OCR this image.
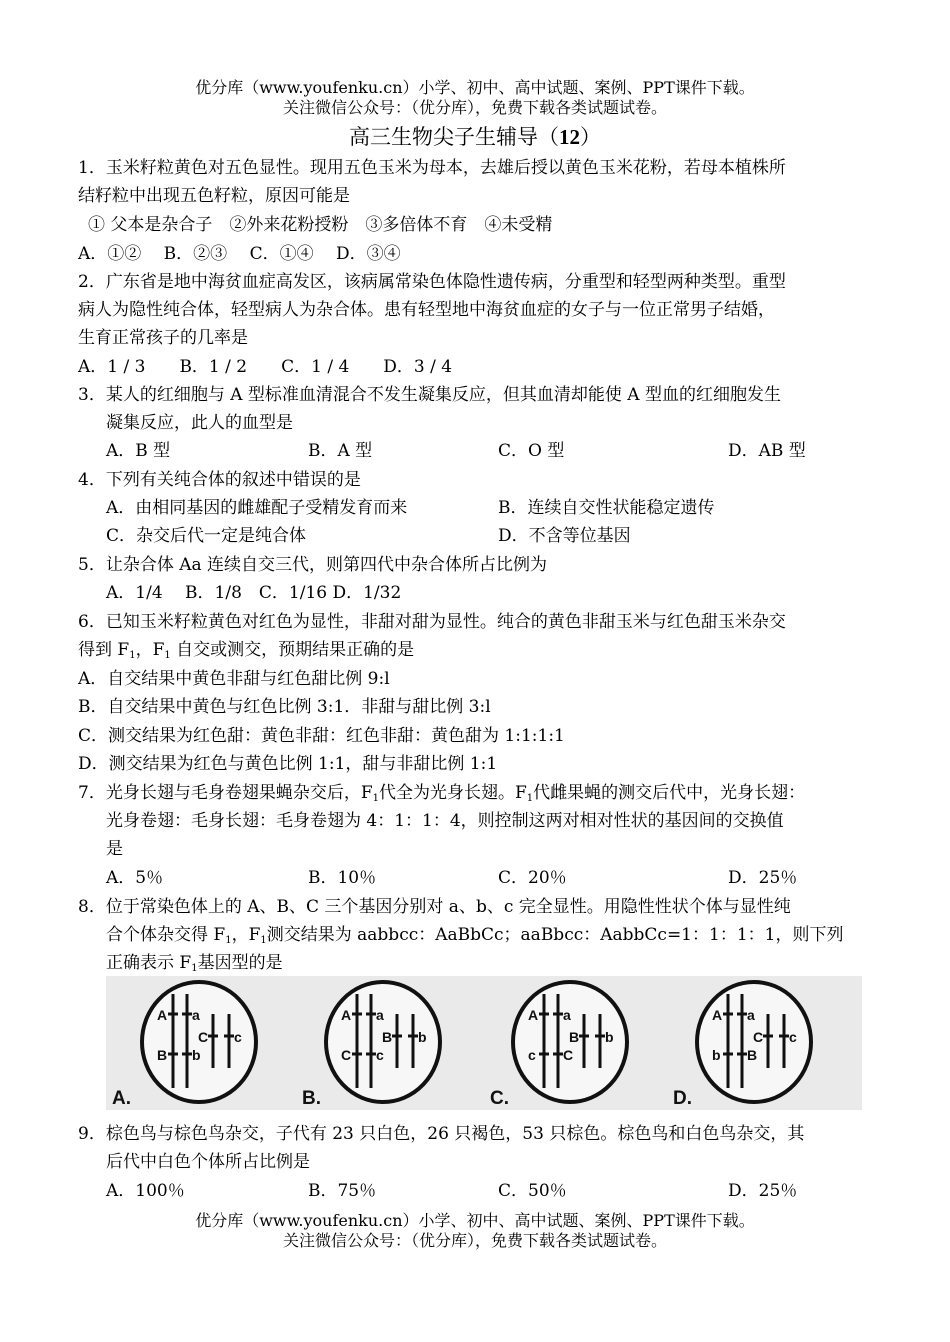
优分库（www.youfenku.cn）小学、初中、高中试题、案例、PPT课件下载。
关注微信公众号：（优分库），免费下载各类试题试卷。
高三生物尖子生辅导（12）
1．玉米籽粒黄色对五色显性。现用五色玉米为母本，去雄后授以黄色玉米花粉，若母本植株所
结籽粒中出现五色籽粒，原因可能是
① 父本是杂合子　②外来花粉授粉　③多倍体不育　④未受精
A．①②　 B．②③　 C．①④　 D．③④
2．广东省是地中海贫血症高发区，该病属常染色体隐性遗传病，分重型和轻型两种类型。重型
病人为隐性纯合体，轻型病人为杂合体。患有轻型地中海贫血症的女子与一位正常男子结婚，
生育正常孩子的几率是
A．1 / 3　　B．1 / 2　　C．1 / 4　　D．3 / 4
3．某人的红细胞与 A 型标准血清混合不发生凝集反应，但其血清却能使 A 型血的红细胞发生
凝集反应，此人的血型是
A．B 型	B．A 型	C．O 型	D．AB 型
4．下列有关纯合体的叙述中错误的是
A．由相同基因的雌雄配子受精发育而来	B．连续自交性状能稳定遗传
C．杂交后代一定是纯合体	D．不含等位基因
5．让杂合体 Aa 连续自交三代，则第四代中杂合体所占比例为
A．1/4　 B．1/8　C．1/16 D．1/32
6．已知玉米籽粒黄色对红色为显性，非甜对甜为显性。纯合的黄色非甜玉米与红色甜玉米杂交
得到 $F_1$，$F_1$ 自交或测交，预期结果正确的是
A．自交结果中黄色非甜与红色甜比例 9:l
B．自交结果中黄色与红色比例 3:1．非甜与甜比例 3:l
C．测交结果为红色甜：黄色非甜：红色非甜：黄色甜为 1:1:1:1
D．测交结果为红色与黄色比例 1:1，甜与非甜比例 1:1
7．光身长翅与毛身卷翅果蝇杂交后，$F_1$代全为光身长翅。$F_1$代雌果蝇的测交后代中，光身长翅：
光身卷翅：毛身长翅：毛身卷翅为 4：1：1：4，则控制这两对相对性状的基因间的交换值
是
A．5％	B．10％	C．20％	D．25％
8．位于常染色体上的 A、B、C 三个基因分别对 a、b、c 完全显性。用隐性性状个体与显性纯
合个体杂交得 $F_1$，$F_1$测交结果为 aabbcc：AaBbCc；aaBbcc：AabbCc=1：1：1：1，则下列
正确表示 $F_1$基因型的是
A a
B b
C c
A.
A a
C c
B b
B.
A a
c C
B b
C.
A a
b B
C c
D.
9．棕色鸟与棕色鸟杂交，子代有 23 只白色，26 只褐色，53 只棕色。棕色鸟和白色鸟杂交，其
后代中白色个体所占比例是
A．100％	B．75％	C．50％	D．25％
优分库（www.youfenku.cn）小学、初中、高中试题、案例、PPT课件下载。
关注微信公众号：（优分库），免费下载各类试题试卷。
